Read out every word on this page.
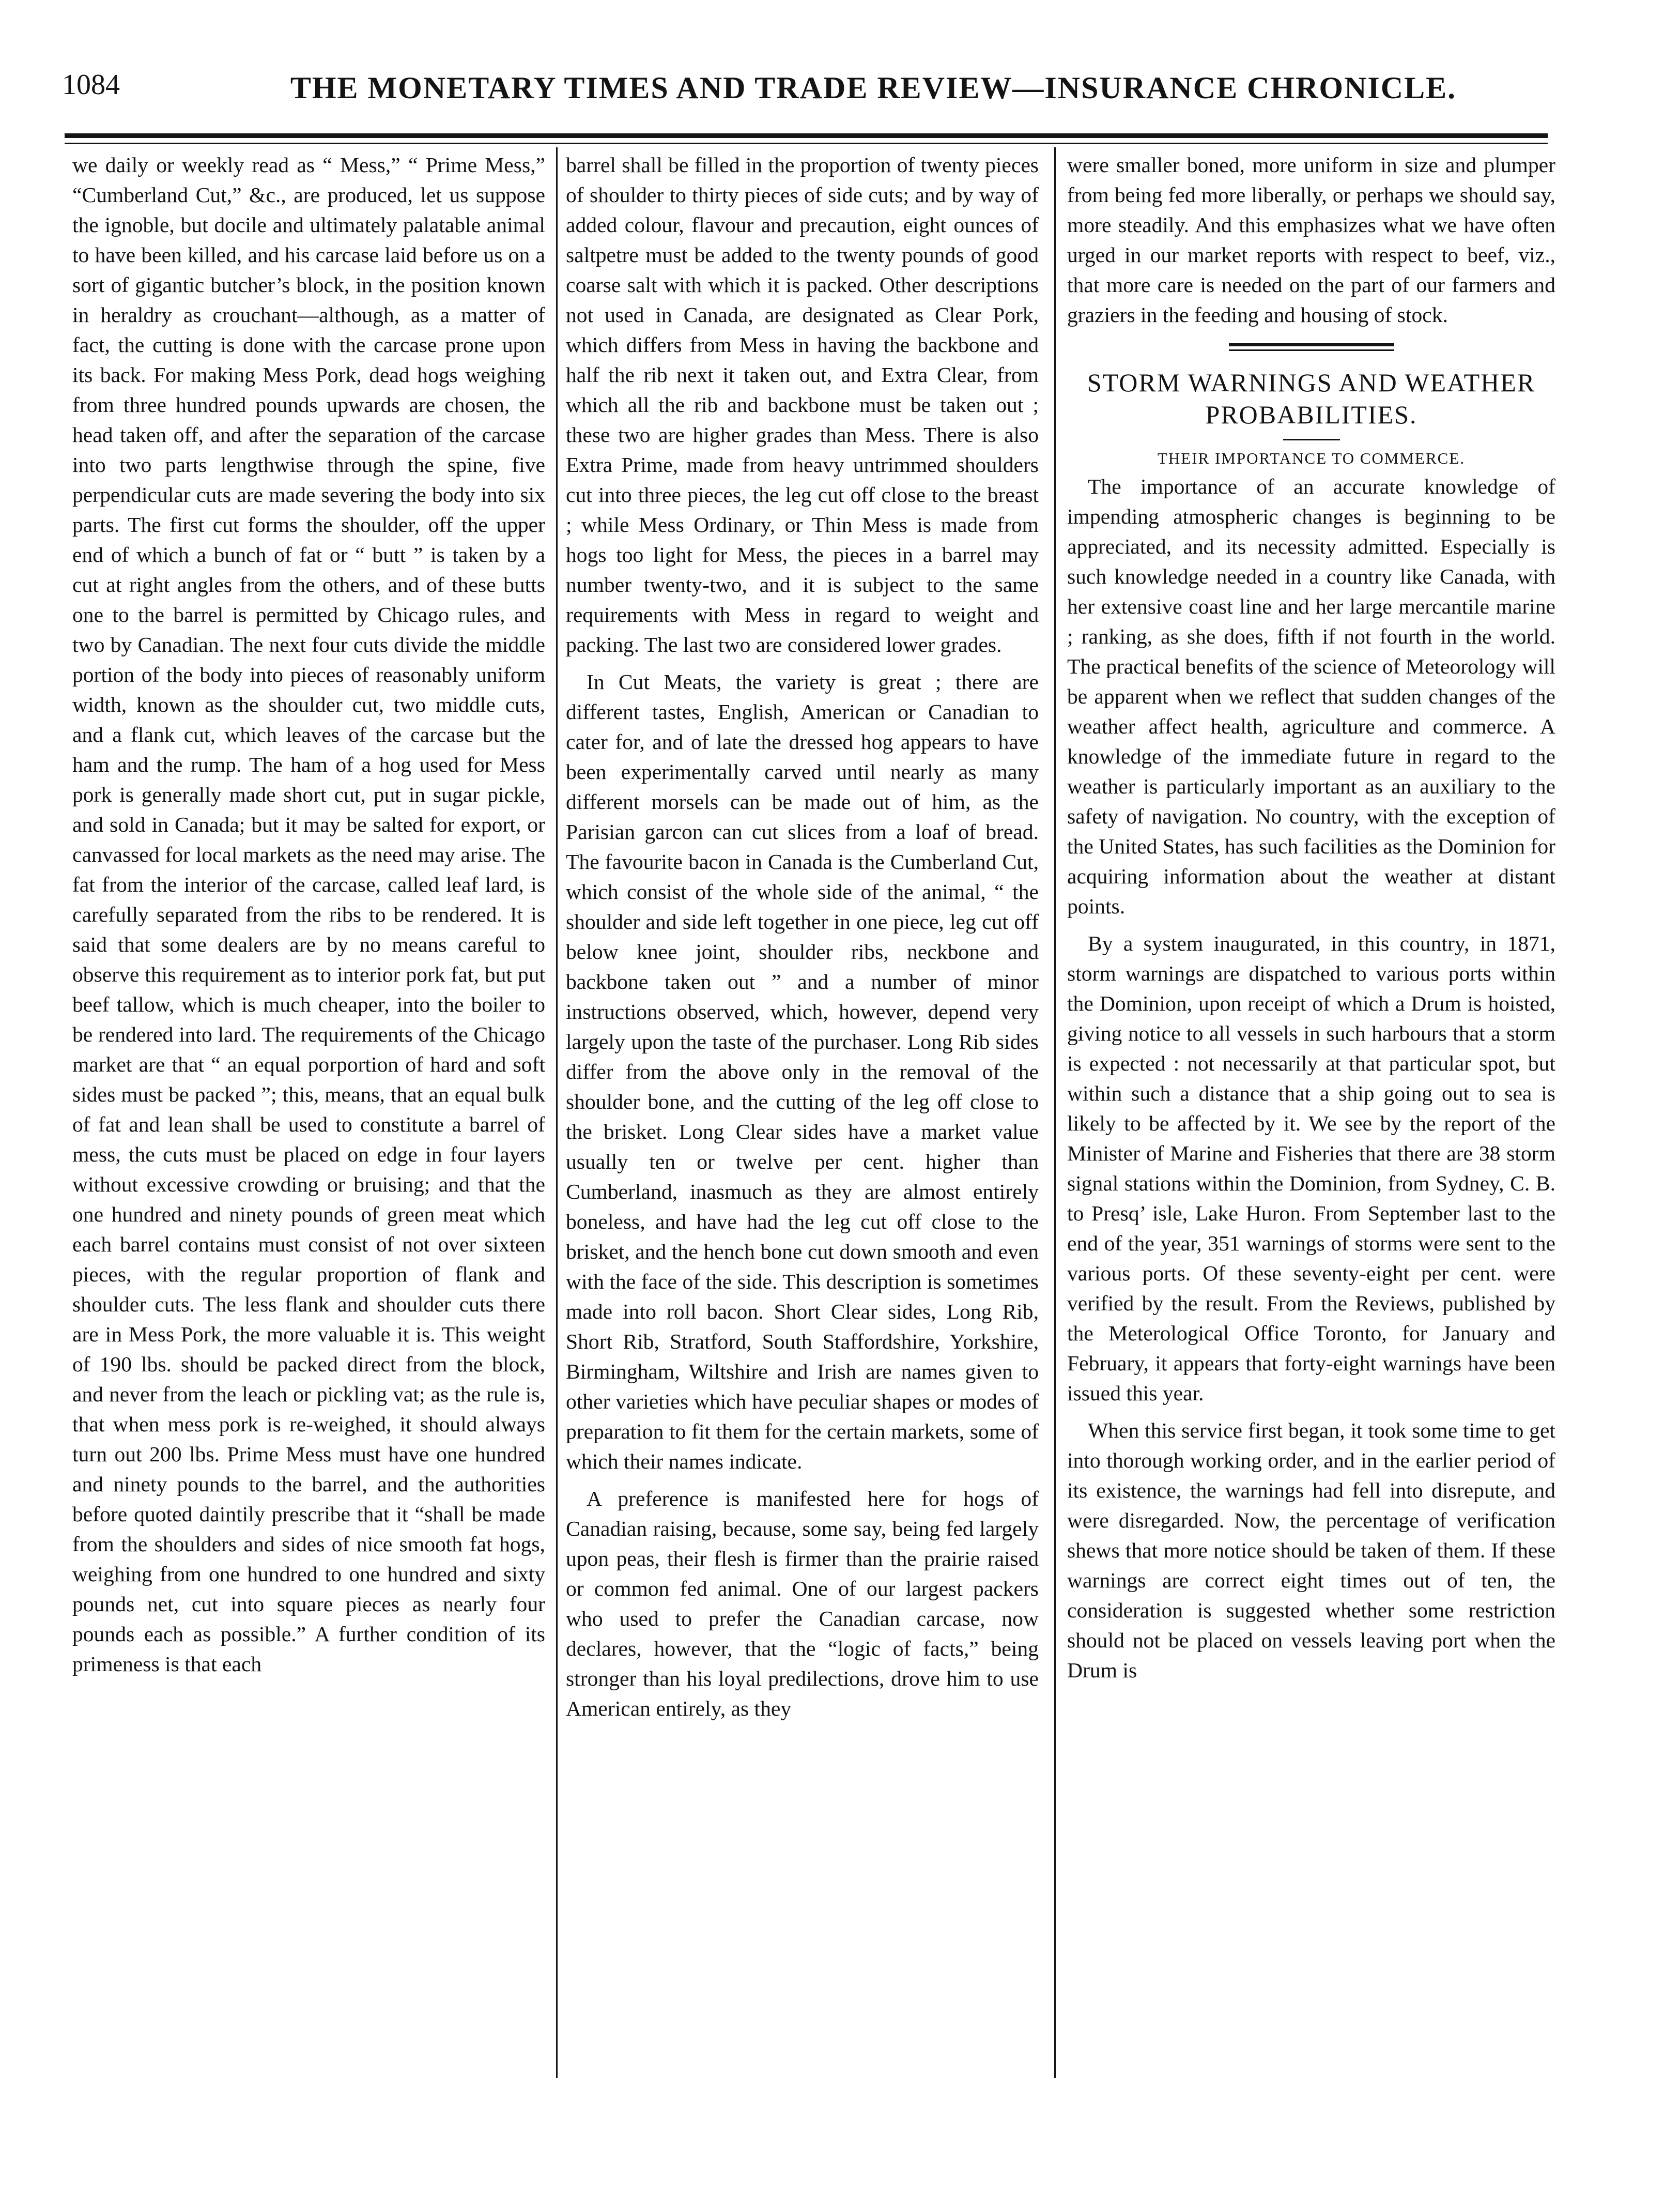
1084	THE MONETARY TIMES AND TRADE REVIEW—INSURANCE CHRONICLE.

we daily or weekly read as “ Mess,” “ Prime Mess,” “Cumberland Cut,” &c., are produced, let us suppose the ignoble, but docile and ultimately palatable animal to have been killed, and his carcase laid before us on a sort of gigantic butcher’s block, in the position known in heraldry as crouchant—although, as a matter of fact, the cutting is done with the carcase prone upon its back. For making Mess Pork, dead hogs weighing from three hundred pounds upwards are chosen, the head taken off, and after the separation of the carcase into two parts lengthwise through the spine, five perpendicular cuts are made severing the body into six parts. The first cut forms the shoulder, off the upper end of which a bunch of fat or “ butt ” is taken by a cut at right angles from the others, and of these butts one to the barrel is permitted by Chicago rules, and two by Canadian. The next four cuts divide the middle portion of the body into pieces of reasonably uniform width, known as the shoulder cut, two middle cuts, and a flank cut, which leaves of the carcase but the ham and the rump. The ham of a hog used for Mess pork is generally made short cut, put in sugar pickle, and sold in Canada; but it may be salted for export, or canvassed for local markets as the need may arise. The fat from the interior of the carcase, called leaf lard, is carefully separated from the ribs to be rendered. It is said that some dealers are by no means careful to observe this requirement as to interior pork fat, but put beef tallow, which is much cheaper, into the boiler to be rendered into lard. The requirements of the Chicago market are that “ an equal porportion of hard and soft sides must be packed ”; this, means, that an equal bulk of fat and lean shall be used to constitute a barrel of mess, the cuts must be placed on edge in four layers without excessive crowding or bruising; and that the one hundred and ninety pounds of green meat which each barrel contains must consist of not over sixteen pieces, with the regular proportion of flank and shoulder cuts. The less flank and shoulder cuts there are in Mess Pork, the more valuable it is. This weight of 190 lbs. should be packed direct from the block, and never from the leach or pickling vat; as the rule is, that when mess pork is re-weighed, it should always turn out 200 lbs. Prime Mess must have one hundred and ninety pounds to the barrel, and the authorities before quoted daintily prescribe that it “shall be made from the shoulders and sides of nice smooth fat hogs, weighing from one hundred to one hundred and sixty pounds net, cut into square pieces as nearly four pounds each as possible.” A further condition of its primeness is that each

barrel shall be filled in the proportion of twenty pieces of shoulder to thirty pieces of side cuts; and by way of added colour, flavour and precaution, eight ounces of saltpetre must be added to the twenty pounds of good coarse salt with which it is packed. Other descriptions not used in Canada, are designated as Clear Pork, which differs from Mess in having the backbone and half the rib next it taken out, and Extra Clear, from which all the rib and backbone must be taken out ; these two are higher grades than Mess. There is also Extra Prime, made from heavy untrimmed shoulders cut into three pieces, the leg cut off close to the breast ; while Mess Ordinary, or Thin Mess is made from hogs too light for Mess, the pieces in a barrel may number twenty-two, and it is subject to the same requirements with Mess in regard to weight and packing. The last two are considered lower grades.

In Cut Meats, the variety is great ; there are different tastes, English, American or Canadian to cater for, and of late the dressed hog appears to have been experimentally carved until nearly as many different morsels can be made out of him, as the Parisian garcon can cut slices from a loaf of bread. The favourite bacon in Canada is the Cumberland Cut, which consist of the whole side of the animal, “ the shoulder and side left together in one piece, leg cut off below knee joint, shoulder ribs, neckbone and backbone taken out ” and a number of minor instructions observed, which, however, depend very largely upon the taste of the purchaser. Long Rib sides differ from the above only in the removal of the shoulder bone, and the cutting of the leg off close to the brisket. Long Clear sides have a market value usually ten or twelve per cent. higher than Cumberland, inasmuch as they are almost entirely boneless, and have had the leg cut off close to the brisket, and the hench bone cut down smooth and even with the face of the side. This description is sometimes made into roll bacon. Short Clear sides, Long Rib, Short Rib, Stratford, South Staffordshire, Yorkshire, Birmingham, Wiltshire and Irish are names given to other varieties which have peculiar shapes or modes of preparation to fit them for the certain markets, some of which their names indicate.

A preference is manifested here for hogs of Canadian raising, because, some say, being fed largely upon peas, their flesh is firmer than the prairie raised or common fed animal. One of our largest packers who used to prefer the Canadian carcase, now declares, however, that the “logic of facts,” being stronger than his loyal predilections, drove him to use American entirely, as they

were smaller boned, more uniform in size and plumper from being fed more liberally, or perhaps we should say, more steadily. And this emphasizes what we have often urged in our market reports with respect to beef, viz., that more care is needed on the part of our farmers and graziers in the feeding and housing of stock.

STORM WARNINGS AND WEATHER PROBABILITIES.

THEIR IMPORTANCE TO COMMERCE.

The importance of an accurate knowledge of impending atmospheric changes is beginning to be appreciated, and its necessity admitted. Especially is such knowledge needed in a country like Canada, with her extensive coast line and her large mercantile marine ; ranking, as she does, fifth if not fourth in the world. The practical benefits of the science of Meteorology will be apparent when we reflect that sudden changes of the weather affect health, agriculture and commerce. A knowledge of the immediate future in regard to the weather is particularly important as an auxiliary to the safety of navigation. No country, with the exception of the United States, has such facilities as the Dominion for acquiring information about the weather at distant points.

By a system inaugurated, in this country, in 1871, storm warnings are dispatched to various ports within the Dominion, upon receipt of which a Drum is hoisted, giving notice to all vessels in such harbours that a storm is expected : not necessarily at that particular spot, but within such a distance that a ship going out to sea is likely to be affected by it. We see by the report of the Minister of Marine and Fisheries that there are 38 storm signal stations within the Dominion, from Sydney, C. B. to Presq’ isle, Lake Huron. From September last to the end of the year, 351 warnings of storms were sent to the various ports. Of these seventy-eight per cent. were verified by the result. From the Reviews, published by the Meterological Office Toronto, for January and February, it appears that forty-eight warnings have been issued this year.

When this service first began, it took some time to get into thorough working order, and in the earlier period of its existence, the warnings had fell into disrepute, and were disregarded. Now, the percentage of verification shews that more notice should be taken of them. If these warnings are correct eight times out of ten, the consideration is suggested whether some restriction should not be placed on vessels leaving port when the Drum is
